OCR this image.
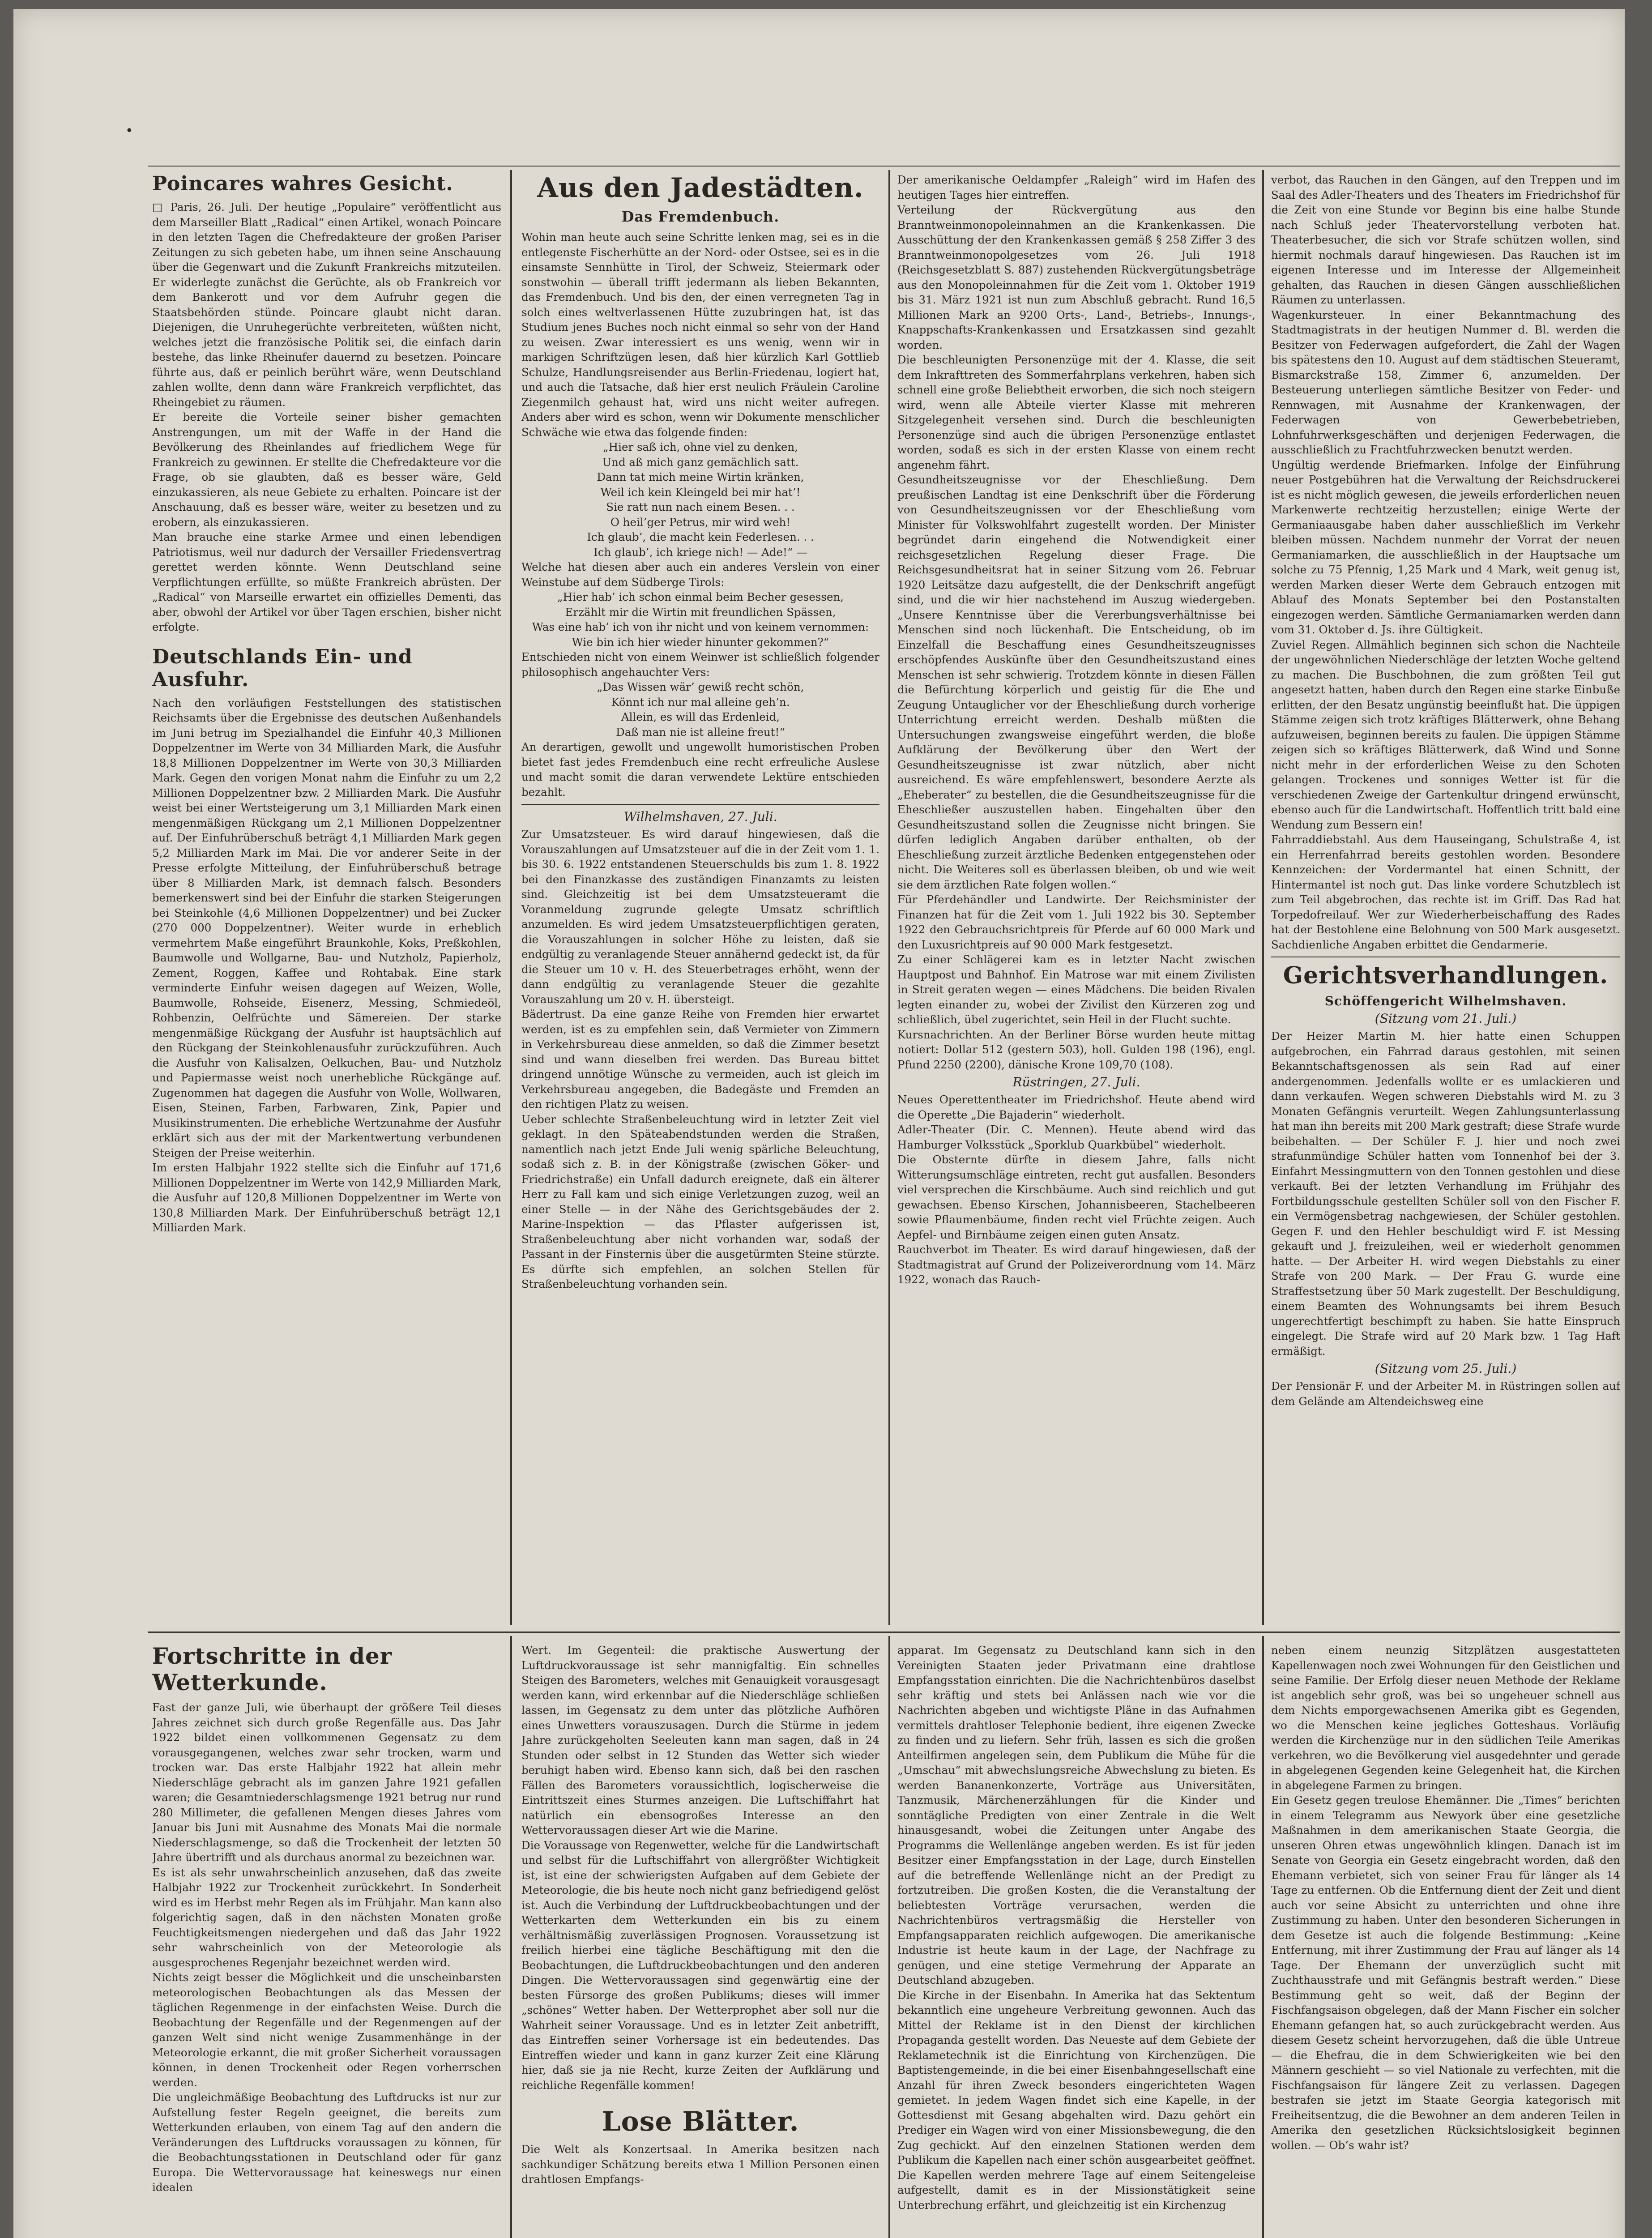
•
Poincares wahres Gesicht.

□ Paris, 26. Juli. Der heutige „Populaire“ veröffentlicht aus dem Marseiller Blatt „Radical“ einen Artikel, wonach Poincare in den letzten Tagen die Chefredakteure der großen Pariser Zeitungen zu sich gebeten habe, um ihnen seine Anschauung über die Gegenwart und die Zukunft Frankreichs mitzuteilen. Er widerlegte zunächst die Gerüchte, als ob Frankreich vor dem Bankerott und vor dem Aufruhr gegen die Staatsbehörden stünde. Poincare glaubt nicht daran. Diejenigen, die Unruhegerüchte verbreiteten, wüßten nicht, welches jetzt die französische Politik sei, die einfach darin bestehe, das linke Rheinufer dauernd zu besetzen. Poincare führte aus, daß er peinlich berührt wäre, wenn Deutschland zahlen wollte, denn dann wäre Frankreich verpflichtet, das Rheingebiet zu räumen.

Er bereite die Vorteile seiner bisher gemachten Anstrengungen, um mit der Waffe in der Hand die Bevölkerung des Rheinlandes auf friedlichem Wege für Frankreich zu gewinnen. Er stellte die Chefredakteure vor die Frage, ob sie glaubten, daß es besser wäre, Geld einzukassieren, als neue Gebiete zu erhalten. Poincare ist der Anschauung, daß es besser wäre, weiter zu besetzen und zu erobern, als einzukassieren.

Man brauche eine starke Armee und einen lebendigen Patriotismus, weil nur dadurch der Versailler Friedensvertrag gerettet werden könnte. Wenn Deutschland seine Verpflichtungen erfüllte, so müßte Frankreich abrüsten. Der „Radical“ von Marseille erwartet ein offizielles Dementi, das aber, obwohl der Artikel vor über Tagen erschien, bisher nicht erfolgte.

Deutschlands Ein- und Ausfuhr.

Nach den vorläufigen Feststellungen des statistischen Reichsamts über die Ergebnisse des deutschen Außenhandels im Juni betrug im Spezialhandel die Einfuhr 40,3 Millionen Doppelzentner im Werte von 34 Milliarden Mark, die Ausfuhr 18,8 Millionen Doppelzentner im Werte von 30,3 Milliarden Mark. Gegen den vorigen Monat nahm die Einfuhr zu um 2,2 Millionen Doppelzentner bzw. 2 Milliarden Mark. Die Ausfuhr weist bei einer Wertsteigerung um 3,1 Milliarden Mark einen mengenmäßigen Rückgang um 2,1 Millionen Doppelzentner auf. Der Einfuhrüberschuß beträgt 4,1 Milliarden Mark gegen 5,2 Milliarden Mark im Mai. Die vor anderer Seite in der Presse erfolgte Mitteilung, der Einfuhrüberschuß betrage über 8 Milliarden Mark, ist demnach falsch. Besonders bemerkenswert sind bei der Einfuhr die starken Steigerungen bei Steinkohle (4,6 Millionen Doppelzentner) und bei Zucker (270 000 Doppelzentner). Weiter wurde in erheblich vermehrtem Maße eingeführt Braunkohle, Koks, Preßkohlen, Baumwolle und Wollgarne, Bau- und Nutzholz, Papierholz, Zement, Roggen, Kaffee und Rohtabak. Eine stark verminderte Einfuhr weisen dagegen auf Weizen, Wolle, Baumwolle, Rohseide, Eisenerz, Messing, Schmiedeöl, Rohbenzin, Oelfrüchte und Sämereien. Der starke mengenmäßige Rückgang der Ausfuhr ist hauptsächlich auf den Rückgang der Steinkohlenausfuhr zurückzuführen. Auch die Ausfuhr von Kalisalzen, Oelkuchen, Bau- und Nutzholz und Papiermasse weist noch unerhebliche Rückgänge auf. Zugenommen hat dagegen die Ausfuhr von Wolle, Wollwaren, Eisen, Steinen, Farben, Farbwaren, Zink, Papier und Musikinstrumenten. Die erhebliche Wertzunahme der Ausfuhr erklärt sich aus der mit der Markentwertung verbundenen Steigen der Preise weiterhin.

Im ersten Halbjahr 1922 stellte sich die Einfuhr auf 171,6 Millionen Doppelzentner im Werte von 142,9 Milliarden Mark, die Ausfuhr auf 120,8 Millionen Doppelzentner im Werte von 130,8 Milliarden Mark. Der Einfuhrüberschuß beträgt 12,1 Milliarden Mark.

Aus den Jadestädten.
Das Fremdenbuch.

Wohin man heute auch seine Schritte lenken mag, sei es in die entlegenste Fischerhütte an der Nord- oder Ostsee, sei es in die einsamste Sennhütte in Tirol, der Schweiz, Steiermark oder sonstwohin — überall trifft jedermann als lieben Bekannten, das Fremdenbuch. Und bis den, der einen verregneten Tag in solch eines weltverlassenen Hütte zuzubringen hat, ist das Studium jenes Buches noch nicht einmal so sehr von der Hand zu weisen. Zwar interessiert es uns wenig, wenn wir in markigen Schriftzügen lesen, daß hier kürzlich Karl Gottlieb Schulze, Handlungsreisender aus Berlin-Friedenau, logiert hat, und auch die Tatsache, daß hier erst neulich Fräulein Caroline Ziegenmilch gehaust hat, wird uns nicht weiter aufregen. Anders aber wird es schon, wenn wir Dokumente menschlicher Schwäche wie etwa das folgende finden:

„Hier saß ich, ohne viel zu denken,
Und aß mich ganz gemächlich satt.
Dann tat mich meine Wirtin kränken,
Weil ich kein Kleingeld bei mir hat’!
Sie ratt nun nach einem Besen. . .
O heil’ger Petrus, mir wird weh!
Ich glaub’, die macht kein Federlesen. . .
Ich glaub’, ich kriege nich! — Ade!“ —

Welche hat diesen aber auch ein anderes Verslein von einer Weinstube auf dem Südberge Tirols:

„Hier hab’ ich schon einmal beim Becher gesessen,
Erzählt mir die Wirtin mit freundlichen Spässen,
Was eine hab’ ich von ihr nicht und von keinem vernommen:
Wie bin ich hier wieder hinunter gekommen?“

Entschieden nicht von einem Weinwer ist schließlich folgender philosophisch angehauchter Vers:

„Das Wissen wär’ gewiß recht schön,
Könnt ich nur mal alleine geh’n.
Allein, es will das Erdenleid,
Daß man nie ist alleine freut!“

An derartigen, gewollt und ungewollt humoristischen Proben bietet fast jedes Fremdenbuch eine recht erfreuliche Auslese und macht somit die daran verwendete Lektüre entschieden bezahlt.

Wilhelmshaven, 27. Juli.

Zur Umsatzsteuer. Es wird darauf hingewiesen, daß die Vorauszahlungen auf Umsatzsteuer auf die in der Zeit vom 1. 1. bis 30. 6. 1922 entstandenen Steuerschulds bis zum 1. 8. 1922 bei den Finanzkasse des zuständigen Finanzamts zu leisten sind. Gleichzeitig ist bei dem Umsatzsteueramt die Voranmeldung zugrunde gelegte Umsatz schriftlich anzumelden. Es wird jedem Umsatzsteuerpflichtigen geraten, die Vorauszahlungen in solcher Höhe zu leisten, daß sie endgültig zu veranlagende Steuer annähernd gedeckt ist, da für die Steuer um 10 v. H. des Steuerbetrages erhöht, wenn der dann endgültig zu veranlagende Steuer die gezahlte Vorauszahlung um 20 v. H. übersteigt.

Bädertrust. Da eine ganze Reihe von Fremden hier erwartet werden, ist es zu empfehlen sein, daß Vermieter von Zimmern in Verkehrsbureau diese anmelden, so daß die Zimmer besetzt sind und wann dieselben frei werden. Das Bureau bittet dringend unnötige Wünsche zu vermeiden, auch ist gleich im Verkehrsbureau angegeben, die Badegäste und Fremden an den richtigen Platz zu weisen.

Ueber schlechte Straßenbeleuchtung wird in letzter Zeit viel geklagt. In den Späteabendstunden werden die Straßen, namentlich nach jetzt Ende Juli wenig spärliche Beleuchtung, sodaß sich z. B. in der Königstraße (zwischen Göker- und Friedrichstraße) ein Unfall dadurch ereignete, daß ein älterer Herr zu Fall kam und sich einige Verletzungen zuzog, weil an einer Stelle — in der Nähe des Gerichtsgebäudes der 2. Marine-Inspektion — das Pflaster aufgerissen ist, Straßenbeleuchtung aber nicht vorhanden war, sodaß der Passant in der Finsternis über die ausgetürmten Steine stürzte. Es dürfte sich empfehlen, an solchen Stellen für Straßenbeleuchtung vorhanden sein.

Der amerikanische Oeldampfer „Raleigh“ wird im Hafen des heutigen Tages hier eintreffen.

Verteilung der Rückvergütung aus den Branntweinmonopoleinnahmen an die Krankenkassen. Die Ausschüttung der den Krankenkassen gemäß § 258 Ziffer 3 des Branntweinmonopolgesetzes vom 26. Juli 1918 (Reichsgesetzblatt S. 887) zustehenden Rückvergütungsbeträge aus den Monopoleinnahmen für die Zeit vom 1. Oktober 1919 bis 31. März 1921 ist nun zum Abschluß gebracht. Rund 16,5 Millionen Mark an 9200 Orts-, Land-, Betriebs-, Innungs-, Knappschafts-Krankenkassen und Ersatzkassen sind gezahlt worden.

Die beschleunigten Personenzüge mit der 4. Klasse, die seit dem Inkrafttreten des Sommerfahrplans verkehren, haben sich schnell eine große Beliebtheit erworben, die sich noch steigern wird, wenn alle Abteile vierter Klasse mit mehreren Sitzgelegenheit versehen sind. Durch die beschleunigten Personenzüge sind auch die übrigen Personenzüge entlastet worden, sodaß es sich in der ersten Klasse von einem recht angenehm fährt.

Gesundheitszeugnisse vor der Eheschließung. Dem preußischen Landtag ist eine Denkschrift über die Förderung von Gesundheitszeugnissen vor der Eheschließung vom Minister für Volkswohlfahrt zugestellt worden. Der Minister begründet darin eingehend die Notwendigkeit einer reichsgesetzlichen Regelung dieser Frage. Die Reichsgesundheitsrat hat in seiner Sitzung vom 26. Februar 1920 Leitsätze dazu aufgestellt, die der Denkschrift angefügt sind, und die wir hier nachstehend im Auszug wiedergeben. „Unsere Kenntnisse über die Vererbungsverhältnisse bei Menschen sind noch lückenhaft. Die Entscheidung, ob im Einzelfall die Beschaffung eines Gesundheitszeugnisses erschöpfendes Auskünfte über den Gesundheitszustand eines Menschen ist sehr schwierig. Trotzdem könnte in diesen Fällen die Befürchtung körperlich und geistig für die Ehe und Zeugung Untauglicher vor der Eheschließung durch vorherige Unterrichtung erreicht werden. Deshalb müßten die Untersuchungen zwangsweise eingeführt werden, die bloße Aufklärung der Bevölkerung über den Wert der Gesundheitszeugnisse ist zwar nützlich, aber nicht ausreichend. Es wäre empfehlenswert, besondere Aerzte als „Eheberater“ zu bestellen, die die Gesundheitszeugnisse für die Eheschließer auszustellen haben. Eingehalten über den Gesundheitszustand sollen die Zeugnisse nicht bringen. Sie dürfen lediglich Angaben darüber enthalten, ob der Eheschließung zurzeit ärztliche Bedenken entgegenstehen oder nicht. Die Weiteres soll es überlassen bleiben, ob und wie weit sie dem ärztlichen Rate folgen wollen.“

Für Pferdehändler und Landwirte. Der Reichsminister der Finanzen hat für die Zeit vom 1. Juli 1922 bis 30. September 1922 den Gebrauchsrichtpreis für Pferde auf 60 000 Mark und den Luxusrichtpreis auf 90 000 Mark festgesetzt.

Zu einer Schlägerei kam es in letzter Nacht zwischen Hauptpost und Bahnhof. Ein Matrose war mit einem Zivilisten in Streit geraten wegen — eines Mädchens. Die beiden Rivalen legten einander zu, wobei der Zivilist den Kürzeren zog und schließlich, übel zugerichtet, sein Heil in der Flucht suchte.

Kursnachrichten. An der Berliner Börse wurden heute mittag notiert: Dollar 512 (gestern 503), holl. Gulden 198 (196), engl. Pfund 2250 (2200), dänische Krone 109,70 (108).

Rüstringen, 27. Juli.

Neues Operettentheater im Friedrichshof. Heute abend wird die Operette „Die Bajaderin“ wiederholt.

Adler-Theater (Dir. C. Mennen). Heute abend wird das Hamburger Volksstück „Sporklub Quarkbübel“ wiederholt.

Die Obsternte dürfte in diesem Jahre, falls nicht Witterungsumschläge eintreten, recht gut ausfallen. Besonders viel versprechen die Kirschbäume. Auch sind reichlich und gut gewachsen. Ebenso Kirschen, Johannisbeeren, Stachelbeeren sowie Pflaumenbäume, finden recht viel Früchte zeigen. Auch Aepfel- und Birnbäume zeigen einen guten Ansatz.

Rauchverbot im Theater. Es wird darauf hingewiesen, daß der Stadtmagistrat auf Grund der Polizeiverordnung vom 14. März 1922, wonach das Rauch-

verbot, das Rauchen in den Gängen, auf den Treppen und im Saal des Adler-Theaters und des Theaters im Friedrichshof für die Zeit von eine Stunde vor Beginn bis eine halbe Stunde nach Schluß jeder Theatervorstellung verboten hat. Theaterbesucher, die sich vor Strafe schützen wollen, sind hiermit nochmals darauf hingewiesen. Das Rauchen ist im eigenen Interesse und im Interesse der Allgemeinheit gehalten, das Rauchen in diesen Gängen ausschließlichen Räumen zu unterlassen.

Wagenkursteuer. In einer Bekanntmachung des Stadtmagistrats in der heutigen Nummer d. Bl. werden die Besitzer von Federwagen aufgefordert, die Zahl der Wagen bis spätestens den 10. August auf dem städtischen Steueramt, Bismarckstraße 158, Zimmer 6, anzumelden. Der Besteuerung unterliegen sämtliche Besitzer von Feder- und Rennwagen, mit Ausnahme der Krankenwagen, der Federwagen von Gewerbebetrieben, Lohnfuhrwerksgeschäften und derjenigen Federwagen, die ausschließlich zu Frachtfuhrzwecken benutzt werden.

Ungültig werdende Briefmarken. Infolge der Einführung neuer Postgebühren hat die Verwaltung der Reichsdruckerei ist es nicht möglich gewesen, die jeweils erforderlichen neuen Markenwerte rechtzeitig herzustellen; einige Werte der Germaniaausgabe haben daher ausschließlich im Verkehr bleiben müssen. Nachdem nunmehr der Vorrat der neuen Germaniamarken, die ausschließlich in der Hauptsache um solche zu 75 Pfennig, 1,25 Mark und 4 Mark, weit genug ist, werden Marken dieser Werte dem Gebrauch entzogen mit Ablauf des Monats September bei den Postanstalten eingezogen werden. Sämtliche Germaniamarken werden dann vom 31. Oktober d. Js. ihre Gültigkeit.

Zuviel Regen. Allmählich beginnen sich schon die Nachteile der ungewöhnlichen Niederschläge der letzten Woche geltend zu machen. Die Buschbohnen, die zum größten Teil gut angesetzt hatten, haben durch den Regen eine starke Einbuße erlitten, der den Besatz ungünstig beeinflußt hat. Die üppigen Stämme zeigen sich trotz kräftiges Blätterwerk, ohne Behang aufzuweisen, beginnen bereits zu faulen. Die üppigen Stämme zeigen sich so kräftiges Blätterwerk, daß Wind und Sonne nicht mehr in der erforderlichen Weise zu den Schoten gelangen. Trockenes und sonniges Wetter ist für die verschiedenen Zweige der Gartenkultur dringend erwünscht, ebenso auch für die Landwirtschaft. Hoffentlich tritt bald eine Wendung zum Bessern ein!

Fahrraddiebstahl. Aus dem Hauseingang, Schulstraße 4, ist ein Herrenfahrrad bereits gestohlen worden. Besondere Kennzeichen: der Vordermantel hat einen Schnitt, der Hintermantel ist noch gut. Das linke vordere Schutzblech ist zum Teil abgebrochen, das rechte ist im Griff. Das Rad hat Torpedofreilauf. Wer zur Wiederherbeischaffung des Rades hat der Bestohlene eine Belohnung von 500 Mark ausgesetzt. Sachdienliche Angaben erbittet die Gendarmerie.

Gerichtsverhandlungen.
Schöffengericht Wilhelmshaven.
(Sitzung vom 21. Juli.)

Der Heizer Martin M. hier hatte einen Schuppen aufgebrochen, ein Fahrrad daraus gestohlen, mit seinen Bekanntschaftsgenossen als sein Rad auf einer andergenommen. Jedenfalls wollte er es umlackieren und dann verkaufen. Wegen schweren Diebstahls wird M. zu 3 Monaten Gefängnis verurteilt. Wegen Zahlungsunterlassung hat man ihn bereits mit 200 Mark gestraft; diese Strafe wurde beibehalten. — Der Schüler F. J. hier und noch zwei strafunmündige Schüler hatten vom Tonnenhof bei der 3. Einfahrt Messingmuttern von den Tonnen gestohlen und diese verkauft. Bei der letzten Verhandlung im Frühjahr des Fortbildungsschule gestellten Schüler soll von den Fischer F. ein Vermögensbetrag nachgewiesen, der Schüler gestohlen. Gegen F. und den Hehler beschuldigt wird F. ist Messing gekauft und J. freizuleihen, weil er wiederholt genommen hatte. — Der Arbeiter H. wird wegen Diebstahls zu einer Strafe von 200 Mark. — Der Frau G. wurde eine Straffestsetzung über 50 Mark zugestellt. Der Beschuldigung, einem Beamten des Wohnungsamts bei ihrem Besuch ungerechtfertigt beschimpft zu haben. Sie hatte Einspruch eingelegt. Die Strafe wird auf 20 Mark bzw. 1 Tag Haft ermäßigt.

(Sitzung vom 25. Juli.)

Der Pensionär F. und der Arbeiter M. in Rüstringen sollen auf dem Gelände am Altendeichsweg eine

Fortschritte in der Wetterkunde.

Fast der ganze Juli, wie überhaupt der größere Teil dieses Jahres zeichnet sich durch große Regenfälle aus. Das Jahr 1922 bildet einen vollkommenen Gegensatz zu dem vorausgegangenen, welches zwar sehr trocken, warm und trocken war. Das erste Halbjahr 1922 hat allein mehr Niederschläge gebracht als im ganzen Jahre 1921 gefallen waren; die Gesamtniederschlagsmenge 1921 betrug nur rund 280 Millimeter, die gefallenen Mengen dieses Jahres vom Januar bis Juni mit Ausnahme des Monats Mai die normale Niederschlagsmenge, so daß die Trockenheit der letzten 50 Jahre übertrifft und als durchaus anormal zu bezeichnen war.

Es ist als sehr unwahrscheinlich anzusehen, daß das zweite Halbjahr 1922 zur Trockenheit zurückkehrt. In Sonderheit wird es im Herbst mehr Regen als im Frühjahr. Man kann also folgerichtig sagen, daß in den nächsten Monaten große Feuchtigkeitsmengen niedergehen und daß das Jahr 1922 sehr wahrscheinlich von der Meteorologie als ausgesprochenes Regenjahr bezeichnet werden wird.

Nichts zeigt besser die Möglichkeit und die unscheinbarsten meteorologischen Beobachtungen als das Messen der täglichen Regenmenge in der einfachsten Weise. Durch die Beobachtung der Regenfälle und der Regenmengen auf der ganzen Welt sind nicht wenige Zusammenhänge in der Meteorologie erkannt, die mit großer Sicherheit voraussagen können, in denen Trockenheit oder Regen vorherrschen werden.

Die ungleichmäßige Beobachtung des Luftdrucks ist nur zur Aufstellung fester Regeln geeignet, die bereits zum Wetterkunden erlauben, von einem Tag auf den andern die Veränderungen des Luftdrucks voraussagen zu können, für die Beobachtungsstationen in Deutschland oder für ganz Europa. Die Wettervoraussage hat keineswegs nur einen idealen

Wert. Im Gegenteil: die praktische Auswertung der Luftdruckvoraussage ist sehr mannigfaltig. Ein schnelles Steigen des Barometers, welches mit Genauigkeit vorausgesagt werden kann, wird erkennbar auf die Niederschläge schließen lassen, im Gegensatz zu dem unter das plötzliche Aufhören eines Unwetters vorauszusagen. Durch die Stürme in jedem Jahre zurückgeholten Seeleuten kann man sagen, daß in 24 Stunden oder selbst in 12 Stunden das Wetter sich wieder beruhigt haben wird. Ebenso kann sich, daß bei den raschen Fällen des Barometers voraussichtlich, logischerweise die Eintrittszeit eines Sturmes anzeigen. Die Luftschiffahrt hat natürlich ein ebensogroßes Interesse an den Wettervoraussagen dieser Art wie die Marine.

Die Voraussage von Regenwetter, welche für die Landwirtschaft und selbst für die Luftschiffahrt von allergrößter Wichtigkeit ist, ist eine der schwierigsten Aufgaben auf dem Gebiete der Meteorologie, die bis heute noch nicht ganz befriedigend gelöst ist. Auch die Verbindung der Luftdruckbeobachtungen und der Wetterkarten dem Wetterkunden ein bis zu einem verhältnismäßig zuverlässigen Prognosen. Voraussetzung ist freilich hierbei eine tägliche Beschäftigung mit den die Beobachtungen, die Luftdruckbeobachtungen und den anderen Dingen. Die Wettervoraussagen sind gegenwärtig eine der besten Fürsorge des großen Publikums; dieses will immer „schönes“ Wetter haben. Der Wetterprophet aber soll nur die Wahrheit seiner Voraussage. Und es in letzter Zeit anbetrifft, das Eintreffen seiner Vorhersage ist ein bedeutendes. Das Eintreffen wieder und kann in ganz kurzer Zeit eine Klärung hier, daß sie ja nie Recht, kurze Zeiten der Aufklärung und reichliche Regenfälle kommen!

Lose Blätter.

Die Welt als Konzertsaal. In Amerika besitzen nach sachkundiger Schätzung bereits etwa 1 Million Personen einen drahtlosen Empfangs-

apparat. Im Gegensatz zu Deutschland kann sich in den Vereinigten Staaten jeder Privatmann eine drahtlose Empfangsstation einrichten. Die die Nachrichtenbüros daselbst sehr kräftig und stets bei Anlässen nach wie vor die Nachrichten abgeben und wichtigste Pläne in das Aufnahmen vermittels drahtloser Telephonie bedient, ihre eigenen Zwecke zu finden und zu liefern. Sehr früh, lassen es sich die großen Anteilfirmen angelegen sein, dem Publikum die Mühe für die „Umschau“ mit abwechslungsreiche Abwechslung zu bieten. Es werden Bananenkonzerte, Vorträge aus Universitäten, Tanzmusik, Märchenerzählungen für die Kinder und sonntägliche Predigten von einer Zentrale in die Welt hinausgesandt, wobei die Zeitungen unter Angabe des Programms die Wellenlänge angeben werden. Es ist für jeden Besitzer einer Empfangsstation in der Lage, durch Einstellen auf die betreffende Wellenlänge nicht an der Predigt zu fortzutreiben. Die großen Kosten, die die Veranstaltung der beliebtesten Vorträge verursachen, werden die Nachrichtenbüros vertragsmäßig die Hersteller von Empfangsapparaten reichlich aufgewogen. Die amerikanische Industrie ist heute kaum in der Lage, der Nachfrage zu genügen, und eine stetige Vermehrung der Apparate an Deutschland abzugeben.

Die Kirche in der Eisenbahn. In Amerika hat das Sektentum bekanntlich eine ungeheure Verbreitung gewonnen. Auch das Mittel der Reklame ist in den Dienst der kirchlichen Propaganda gestellt worden. Das Neueste auf dem Gebiete der Reklametechnik ist die Einrichtung von Kirchenzügen. Die Baptistengemeinde, in die bei einer Eisenbahngesellschaft eine Anzahl für ihren Zweck besonders eingerichteten Wagen gemietet. In jedem Wagen findet sich eine Kapelle, in der Gottesdienst mit Gesang abgehalten wird. Dazu gehört ein Prediger ein Wagen wird von einer Missionsbewegung, die den Zug gechickt. Auf den einzelnen Stationen werden dem Publikum die Kapellen nach einer schön ausgearbeitet geöffnet. Die Kapellen werden mehrere Tage auf einem Seitengeleise aufgestellt, damit es in der Missionstätigkeit seine Unterbrechung erfährt, und gleichzeitig ist ein Kirchenzug

neben einem neunzig Sitzplätzen ausgestatteten Kapellenwagen noch zwei Wohnungen für den Geistlichen und seine Familie. Der Erfolg dieser neuen Methode der Reklame ist angeblich sehr groß, was bei so ungeheuer schnell aus dem Nichts emporgewachsenen Amerika gibt es Gegenden, wo die Menschen keine jegliches Gotteshaus. Vorläufig werden die Kirchenzüge nur in den südlichen Teile Amerikas verkehren, wo die Bevölkerung viel ausgedehnter und gerade in abgelegenen Gegenden keine Gelegenheit hat, die Kirchen in abgelegene Farmen zu bringen.

Ein Gesetz gegen treulose Ehemänner. Die „Times“ berichten in einem Telegramm aus Newyork über eine gesetzliche Maßnahmen in dem amerikanischen Staate Georgia, die unseren Ohren etwas ungewöhnlich klingen. Danach ist im Senate von Georgia ein Gesetz eingebracht worden, daß den Ehemann verbietet, sich von seiner Frau für länger als 14 Tage zu entfernen. Ob die Entfernung dient der Zeit und dient auch vor seine Absicht zu unterrichten und ohne ihre Zustimmung zu haben. Unter den besonderen Sicherungen in dem Gesetze ist auch die folgende Bestimmung: „Keine Entfernung, mit ihrer Zustimmung der Frau auf länger als 14 Tage. Der Ehemann der unverzüglich sucht mit Zuchthausstrafe und mit Gefängnis bestraft werden.“ Diese Bestimmung geht so weit, daß der Beginn der Fischfangsaison obgelegen, daß der Mann Fischer ein solcher Ehemann gefangen hat, so auch zurückgebracht werden. Aus diesem Gesetz scheint hervorzugehen, daß die üble Untreue — die Ehefrau, die in dem Schwierigkeiten wie bei den Männern geschieht — so viel Nationale zu verfechten, mit die Fischfangsaison für längere Zeit zu verlassen. Dagegen bestrafen sie jetzt im Staate Georgia kategorisch mit Freiheitsentzug, die die Bewohner an dem anderen Teilen in Amerika den gesetzlichen Rücksichtslosigkeit beginnen wollen. — Ob’s wahr ist?
